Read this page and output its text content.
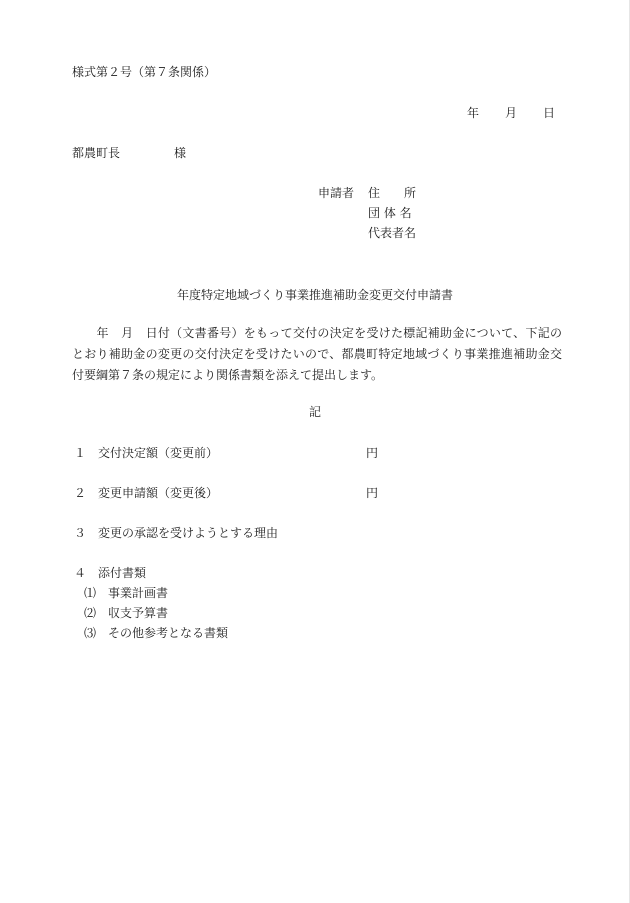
様式第２号（第７条関係）
年 月 日
都農町長	様
申請者 住　　所
団 体 名
代表者名
年度特定地域づくり事業推進補助金変更交付申請書
　　年　月　日付（文書番号）をもって交付の決定を受けた標記補助金について、下記のとおり補助金の変更の交付決定を受けたいので、都農町特定地域づくり事業推進補助金交付要綱第７条の規定により関係書類を添えて提出します。
記
１ 交付決定額（変更前）	円
２ 変更申請額（変更後）	円
３ 変更の承認を受けようとする理由
４ 添付書類
⑴ 事業計画書
⑵ 収支予算書
⑶ その他参考となる書類
